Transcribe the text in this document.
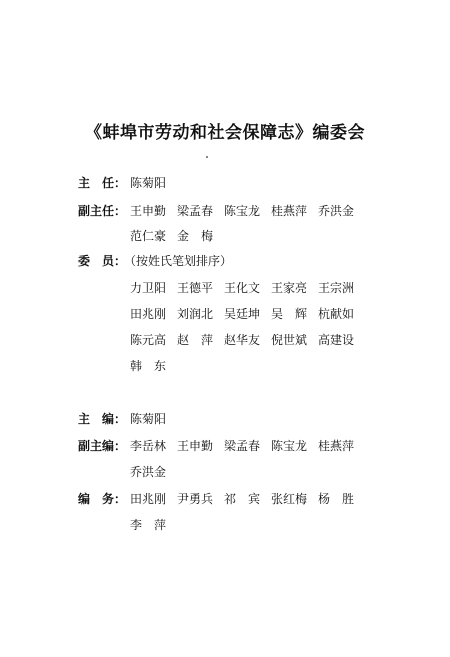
《蚌埠市劳动和社会保障志》编委会
主　任： 陈菊阳
副主任： 王申勤 梁孟春 陈宝龙 桂燕萍 乔洪金
范仁豪 金　梅
委　员：
（按姓氏笔划排序）
力卫阳 王德平 王化文 王家亮 王宗洲
田兆刚 刘润北 吴廷坤 吴　辉 杭献如
陈元高 赵　萍 赵华友 倪世斌 高建设
韩　东
主　编： 陈菊阳
副主编： 李岳林 王申勤 梁孟春 陈宝龙 桂燕萍
乔洪金
编　务： 田兆刚 尹勇兵 祁　宾 张红梅 杨　胜
李　萍
